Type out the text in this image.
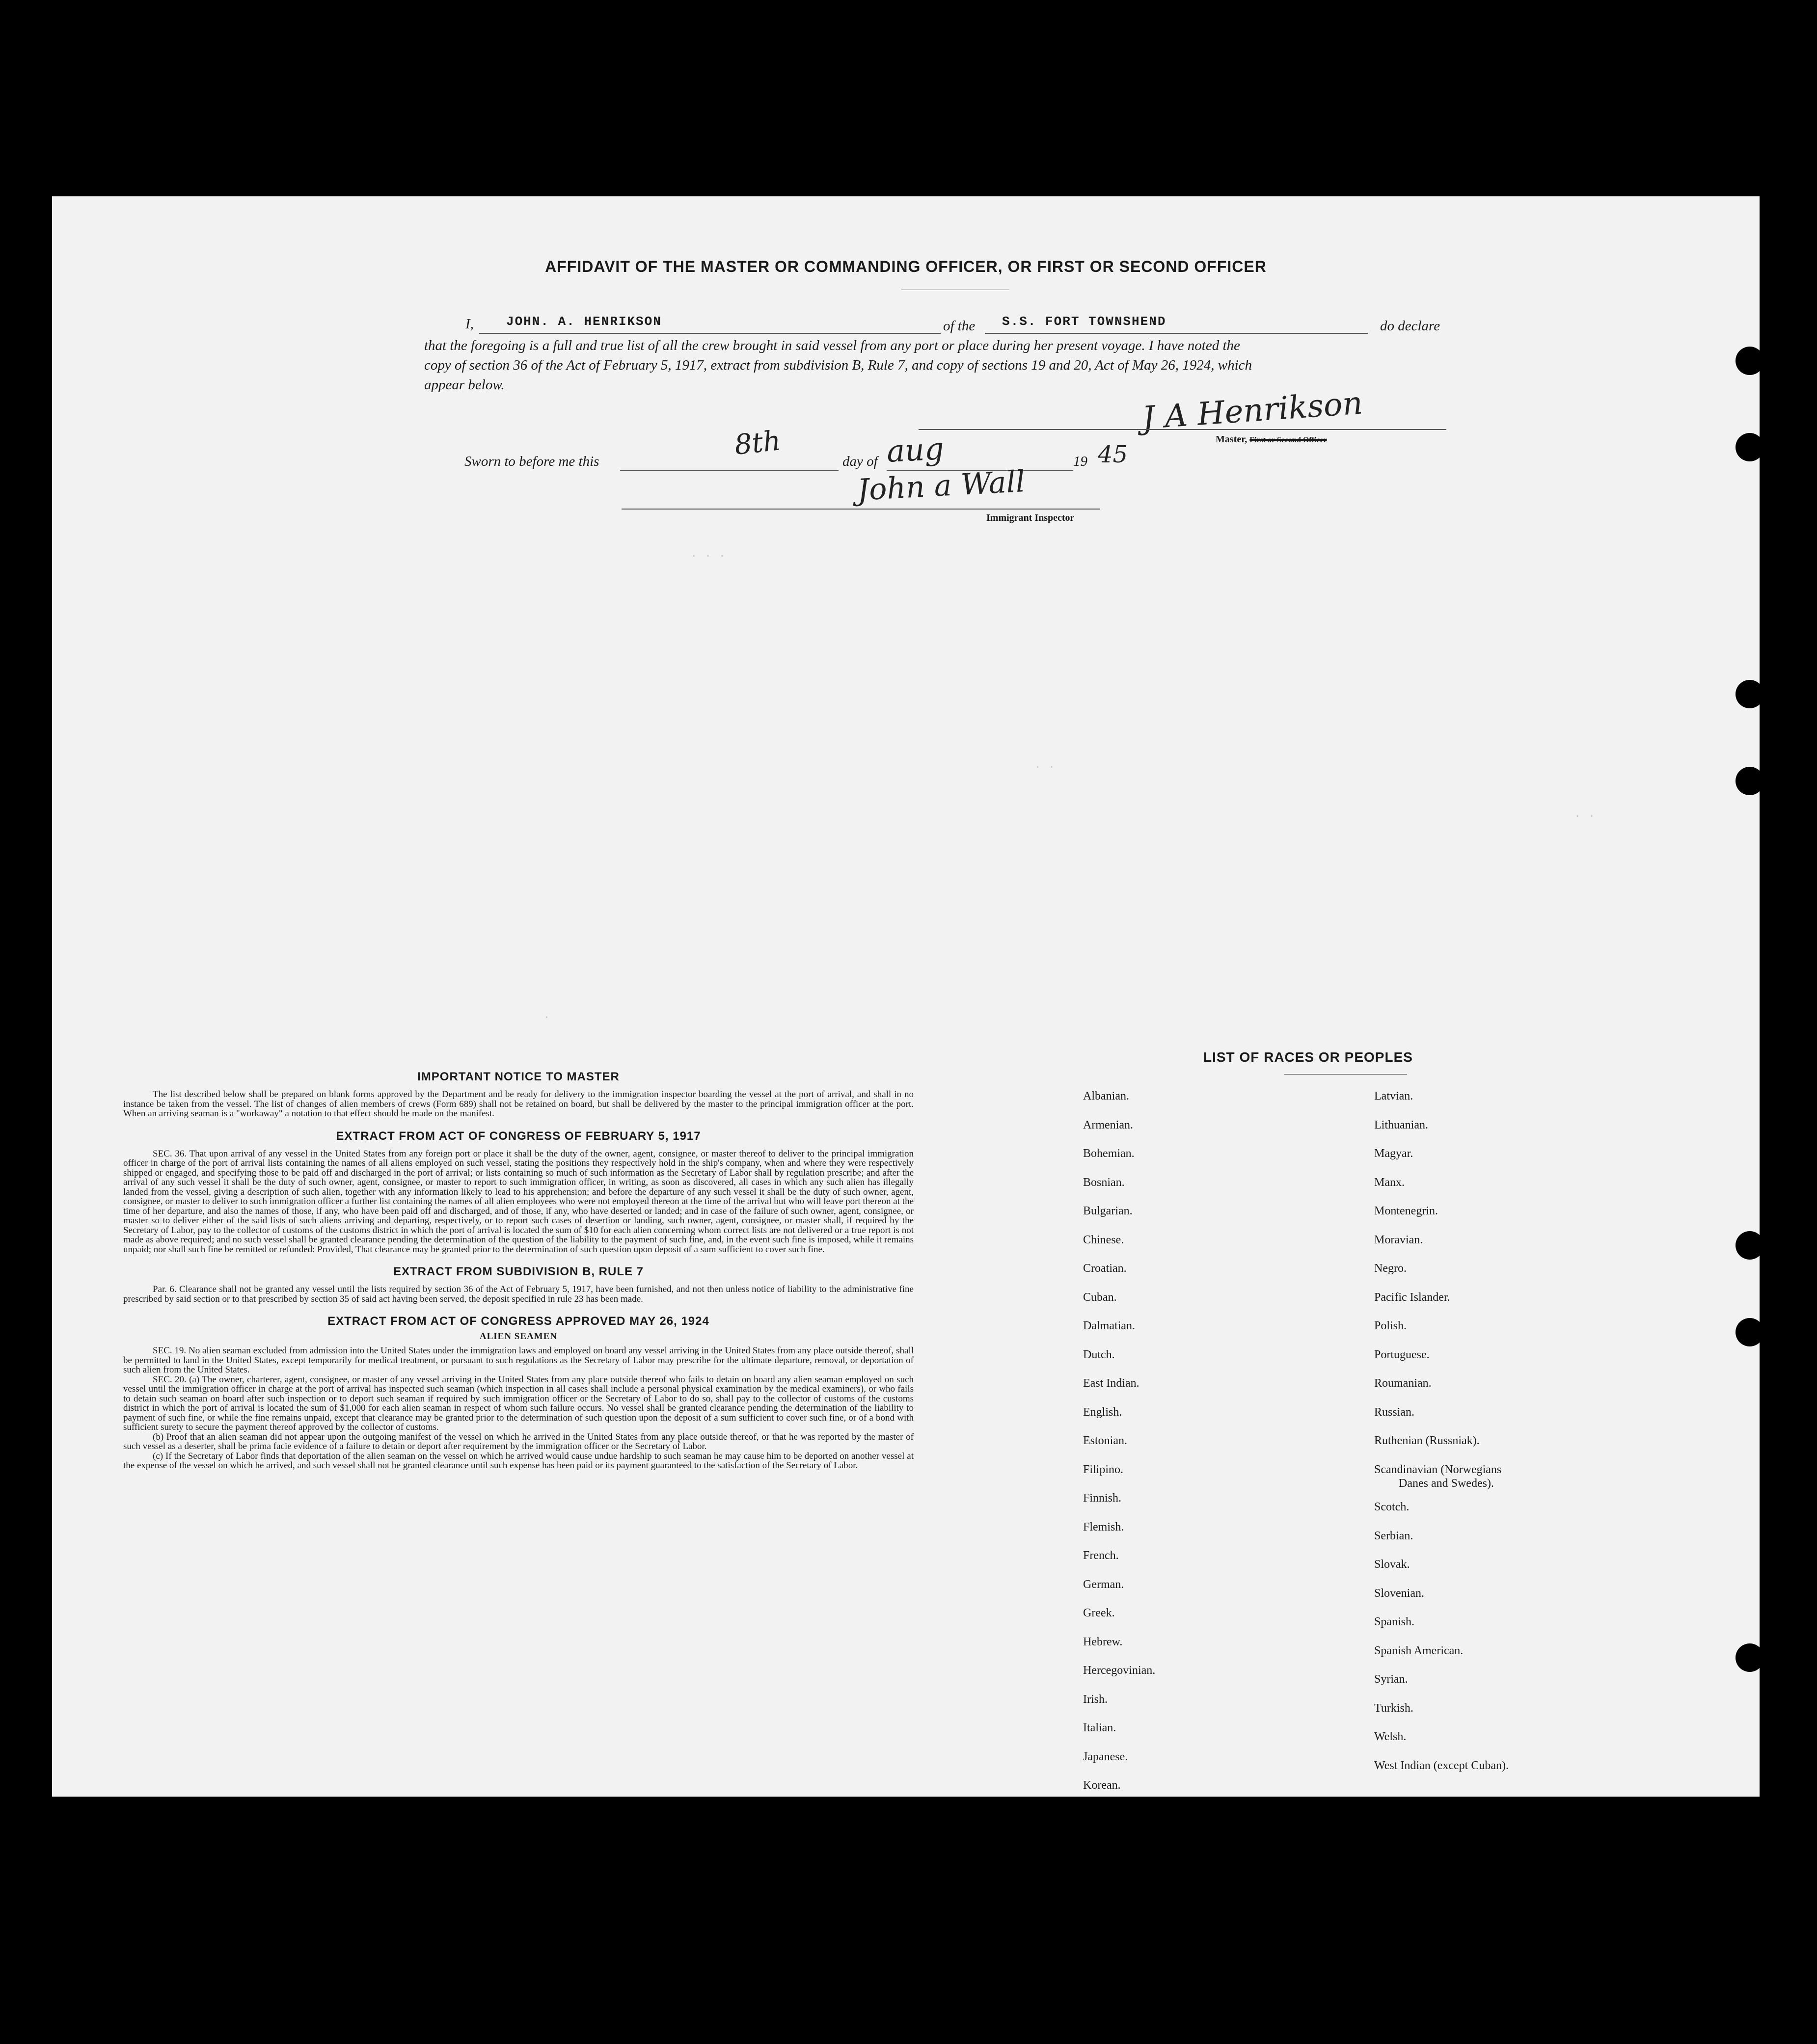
AFFIDAVIT OF THE MASTER OR COMMANDING OFFICER, OR FIRST OR SECOND OFFICER
I,	JOHN. A. HENRIKSON	of the S.S. FORT TOWNSHEND	do declare
that the foregoing is a full and true list of all the crew brought in said vessel from any port or place during her present voyage. I have noted the
copy of section 36 of the Act of February 5, 1917, extract from subdivision B, Rule 7, and copy of sections 19 and 20, Act of May 26, 1924, which
appear below.
J A Henrikson
Master, First or Second Officer
Sworn to before me this
8th
day of aug	19 45
John a Wall
Immigrant Inspector
· · ·
· ·
·
· ·
IMPORTANT NOTICE TO MASTER
The list described below shall be prepared on blank forms approved by the Department and be ready for delivery to the immigration inspector boarding the vessel at the port of arrival, and shall in no instance be taken from the vessel. The list of changes of alien members of crews (Form 689) shall not be retained on board, but shall be delivered by the master to the principal immigration officer at the port. When an arriving seaman is a "workaway" a notation to that effect should be made on the manifest.
EXTRACT FROM ACT OF CONGRESS OF FEBRUARY 5, 1917
SEC. 36. That upon arrival of any vessel in the United States from any foreign port or place it shall be the duty of the owner, agent, consignee, or master thereof to deliver to the principal immigration officer in charge of the port of arrival lists containing the names of all aliens employed on such vessel, stating the positions they respectively hold in the ship's company, when and where they were respectively shipped or engaged, and specifying those to be paid off and discharged in the port of arrival; or lists containing so much of such information as the Secretary of Labor shall by regulation prescribe; and after the arrival of any such vessel it shall be the duty of such owner, agent, consignee, or master to report to such immigration officer, in writing, as soon as discovered, all cases in which any such alien has illegally landed from the vessel, giving a description of such alien, together with any information likely to lead to his apprehension; and before the departure of any such vessel it shall be the duty of such owner, agent, consignee, or master to deliver to such immigration officer a further list containing the names of all alien employees who were not employed thereon at the time of the arrival but who will leave port thereon at the time of her departure, and also the names of those, if any, who have been paid off and discharged, and of those, if any, who have deserted or landed; and in case of the failure of such owner, agent, consignee, or master so to deliver either of the said lists of such aliens arriving and departing, respectively, or to report such cases of desertion or landing, such owner, agent, consignee, or master shall, if required by the Secretary of Labor, pay to the collector of customs of the customs district in which the port of arrival is located the sum of $10 for each alien concerning whom correct lists are not delivered or a true report is not made as above required; and no such vessel shall be granted clearance pending the determination of the question of the liability to the payment of such fine, and, in the event such fine is imposed, while it remains unpaid; nor shall such fine be remitted or refunded: Provided, That clearance may be granted prior to the determination of such question upon deposit of a sum sufficient to cover such fine.
EXTRACT FROM SUBDIVISION B, RULE 7
Par. 6. Clearance shall not be granted any vessel until the lists required by section 36 of the Act of February 5, 1917, have been furnished, and not then unless notice of liability to the administrative fine prescribed by said section or to that prescribed by section 35 of said act having been served, the deposit specified in rule 23 has been made.
EXTRACT FROM ACT OF CONGRESS APPROVED MAY 26, 1924
ALIEN SEAMEN
SEC. 19. No alien seaman excluded from admission into the United States under the immigration laws and employed on board any vessel arriving in the United States from any place outside thereof, shall be permitted to land in the United States, except temporarily for medical treatment, or pursuant to such regulations as the Secretary of Labor may prescribe for the ultimate departure, removal, or deportation of such alien from the United States.
SEC. 20. (a) The owner, charterer, agent, consignee, or master of any vessel arriving in the United States from any place outside thereof who fails to detain on board any alien seaman employed on such vessel until the immigration officer in charge at the port of arrival has inspected such seaman (which inspection in all cases shall include a personal physical examination by the medical examiners), or who fails to detain such seaman on board after such inspection or to deport such seaman if required by such immigration officer or the Secretary of Labor to do so, shall pay to the collector of customs of the customs district in which the port of arrival is located the sum of $1,000 for each alien seaman in respect of whom such failure occurs. No vessel shall be granted clearance pending the determination of the liability to payment of such fine, or while the fine remains unpaid, except that clearance may be granted prior to the determination of such question upon the deposit of a sum sufficient to cover such fine, or of a bond with sufficient surety to secure the payment thereof approved by the collector of customs.
(b) Proof that an alien seaman did not appear upon the outgoing manifest of the vessel on which he arrived in the United States from any place outside thereof, or that he was reported by the master of such vessel as a deserter, shall be prima facie evidence of a failure to detain or deport after requirement by the immigration officer or the Secretary of Labor.
(c) If the Secretary of Labor finds that deportation of the alien seaman on the vessel on which he arrived would cause undue hardship to such seaman he may cause him to be deported on another vessel at the expense of the vessel on which he arrived, and such vessel shall not be granted clearance until such expense has been paid or its payment guaranteed to the satisfaction of the Secretary of Labor.
LIST OF RACES OR PEOPLES
Albanian.
Armenian.
Bohemian.
Bosnian.
Bulgarian.
Chinese.
Croatian.
Cuban.
Dalmatian.
Dutch.
East Indian.
English.
Estonian.
Filipino.
Finnish.
Flemish.
French.
German.
Greek.
Hebrew.
Hercegovinian.
Irish.
Italian.
Japanese.
Korean.
Latvian.
Lithuanian.
Magyar.
Manx.
Montenegrin.
Moravian.
Negro.
Pacific Islander.
Polish.
Portuguese.
Roumanian.
Russian.
Ruthenian (Russniak).
Scandinavian (Norwegians
Danes and Swedes).
Scotch.
Serbian.
Slovak.
Slovenian.
Spanish.
Spanish American.
Syrian.
Turkish.
Welsh.
West Indian (except Cuban).
